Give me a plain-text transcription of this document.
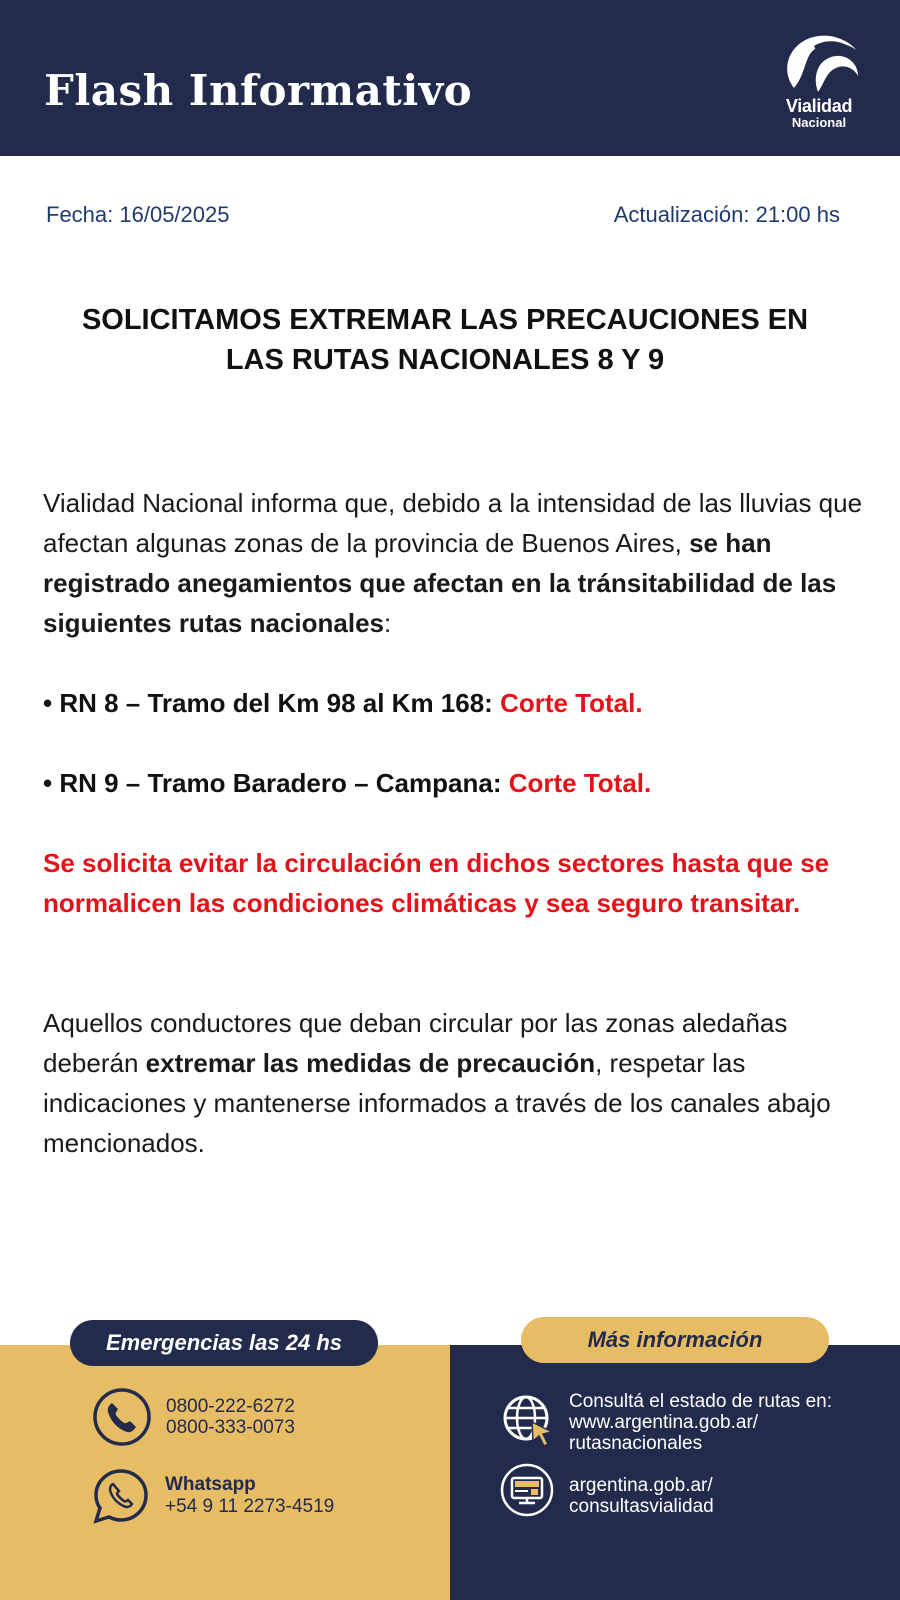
Flash Informativo	Vialidad
Nacional
Fecha: 16/05/2025	Actualización: 21:00 hs
SOLICITAMOS EXTREMAR LAS PRECAUCIONES EN
LAS RUTAS NACIONALES 8 Y 9
Vialidad Nacional informa que, debido a la intensidad de las lluvias que afectan algunas zonas de la provincia de Buenos Aires, se han registrado anegamientos que afectan en la tránsitabilidad de las siguientes rutas nacionales:
• RN 8 – Tramo del Km 98 al Km 168: Corte Total.
• RN 9 – Tramo Baradero – Campana: Corte Total.
Se solicita evitar la circulación en dichos sectores hasta que se normalicen las condiciones climáticas y sea seguro transitar.
Aquellos conductores que deban circular por las zonas aledañas deberán extremar las medidas de precaución, respetar las indicaciones y mantenerse informados a través de los canales abajo mencionados.
Emergencias las 24 hs	Más información
0800-222-6272
0800-333-0073
Whatsapp
+54 9 11 2273-4519
Consultá el estado de rutas en:
www.argentina.gob.ar/
rutasnacionales
argentina.gob.ar/
consultasvialidad
